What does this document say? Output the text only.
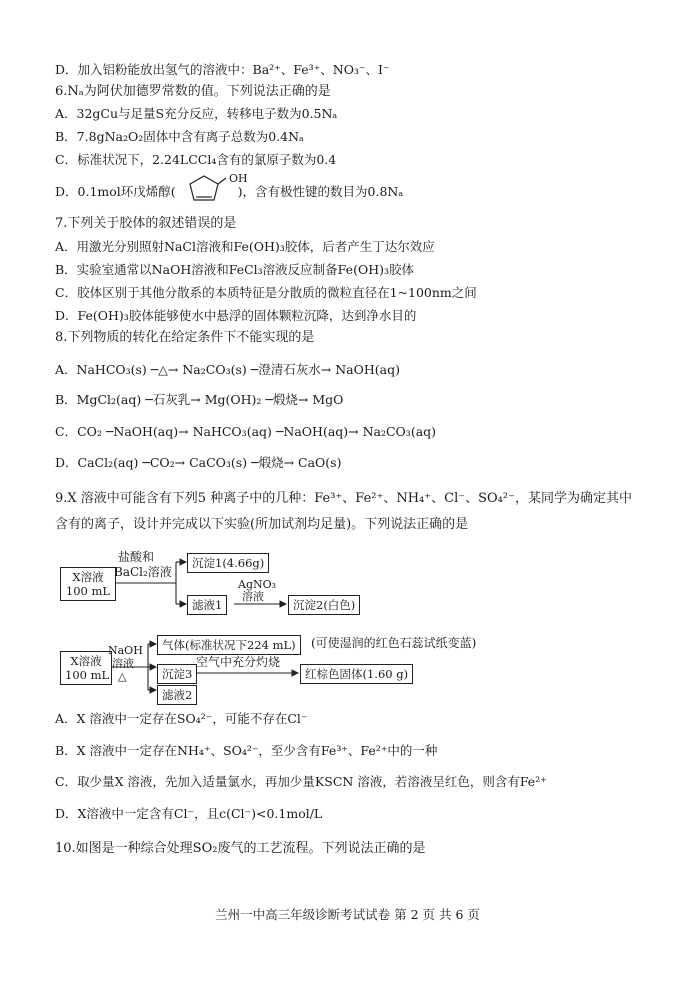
D．加入铝粉能放出氢气的溶液中：Ba²⁺、Fe³⁺、NO₃⁻、I⁻
6.Nₐ为阿伏加德罗常数的值。下列说法正确的是
A．32gCu与足量S充分反应，转移电子数为0.5Nₐ
B．7.8gNa₂O₂固体中含有离子总数为0.4Nₐ
C．标准状况下，2.24LCCl₄含有的氯原子数为0.4
D．0.1mol环戊烯醇(	)，含有极性键的数目为0.8Nₐ
OH
7.下列关于胶体的叙述错误的是
A．用激光分别照射NaCl溶液和Fe(OH)₃胶体，后者产生丁达尔效应
B．实验室通常以NaOH溶液和FeCl₃溶液反应制备Fe(OH)₃胶体
C．胶体区别于其他分散系的本质特征是分散质的微粒直径在1~100nm之间
D．Fe(OH)₃胶体能够使水中悬浮的固体颗粒沉降，达到净水目的
8.下列物质的转化在给定条件下不能实现的是
A．NaHCO₃(s) ─△→ Na₂CO₃(s) ─澄清石灰水→ NaOH(aq)
B．MgCl₂(aq) ─石灰乳→ Mg(OH)₂ ─煅烧→ MgO
C．CO₂ ─NaOH(aq)→ NaHCO₃(aq) ─NaOH(aq)→ Na₂CO₃(aq)
D．CaCl₂(aq) ─CO₂→ CaCO₃(s) ─煅烧→ CaO(s)
9.X 溶液中可能含有下列5 种离子中的几种：Fe³⁺、Fe²⁺、NH₄⁺、Cl⁻、SO₄²⁻，某同学为确定其中
含有的离子，设计并完成以下实验(所加试剂均足量)。下列说法正确的是
X溶液
100 mL
盐酸和
BaCl₂溶液
沉淀1(4.66g)
滤液1
AgNO₃
溶液
沉淀2(白色)
X溶液
100 mL
NaOH
溶液
△
气体(标准状况下224 mL)	(可使湿润的红色石蕊试纸变蓝)
沉淀3
空气中充分灼烧
红棕色固体(1.60 g)
滤液2
A．X 溶液中一定存在SO₄²⁻，可能不存在Cl⁻
B．X 溶液中一定存在NH₄⁺、SO₄²⁻，至少含有Fe³⁺、Fe²⁺中的一种
C．取少量X 溶液，先加入适量氯水，再加少量KSCN 溶液，若溶液呈红色，则含有Fe²⁺
D．X溶液中一定含有Cl⁻，且c(Cl⁻)<0.1mol/L
10.如图是一种综合处理SO₂废气的工艺流程。下列说法正确的是
兰州一中高三年级诊断考试试卷 第 2 页 共 6 页
